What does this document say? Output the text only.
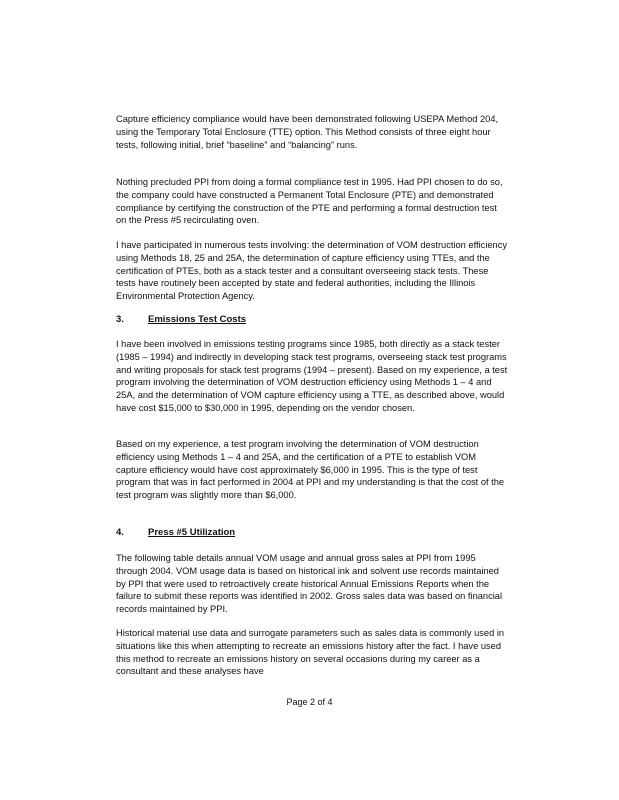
Capture efficiency compliance would have been demonstrated following USEPA Method 204, using the Temporary Total Enclosure (TTE) option. This Method consists of three eight hour tests, following initial, brief “baseline” and “balancing” runs.

Nothing precluded PPI from doing a formal compliance test in 1995. Had PPI chosen to do so, the company could have constructed a Permanent Total Enclosure (PTE) and demonstrated compliance by certifying the construction of the PTE and performing a formal destruction test on the Press #5 recirculating oven.

I have participated in numerous tests involving: the determination of VOM destruction efficiency using Methods 18, 25 and 25A, the determination of capture efficiency using TTEs, and the certification of PTEs, both as a stack tester and a consultant overseeing stack tests. These tests have routinely been accepted by state and federal authorities, including the Illinois Environmental Protection Agency.

3.	Emissions Test Costs

I have been involved in emissions testing programs since 1985, both directly as a stack tester (1985 – 1994) and indirectly in developing stack test programs, overseeing stack test programs and writing proposals for stack test programs (1994 – present). Based on my experience, a test program involving the determination of VOM destruction efficiency using Methods 1 – 4 and 25A, and the determination of VOM capture efficiency using a TTE, as described above, would have cost $15,000 to $30,000 in 1995, depending on the vendor chosen.

Based on my experience, a test program involving the determination of VOM destruction efficiency using Methods 1 – 4 and 25A, and the certification of a PTE to establish VOM capture efficiency would have cost approximately $6,000 in 1995. This is the type of test program that was in fact performed in 2004 at PPI and my understanding is that the cost of the test program was slightly more than $6,000.

4.	Press #5 Utilization

The following table details annual VOM usage and annual gross sales at PPI from 1995 through 2004. VOM usage data is based on historical ink and solvent use records maintained by PPI that were used to retroactively create historical Annual Emissions Reports when the failure to submit these reports was identified in 2002. Gross sales data was based on financial records maintained by PPI.

Historical material use data and surrogate parameters such as sales data is commonly used in situations like this when attempting to recreate an emissions history after the fact. I have used this method to recreate an emissions history on several occasions during my career as a consultant and these analyses have

Page 2 of 4
